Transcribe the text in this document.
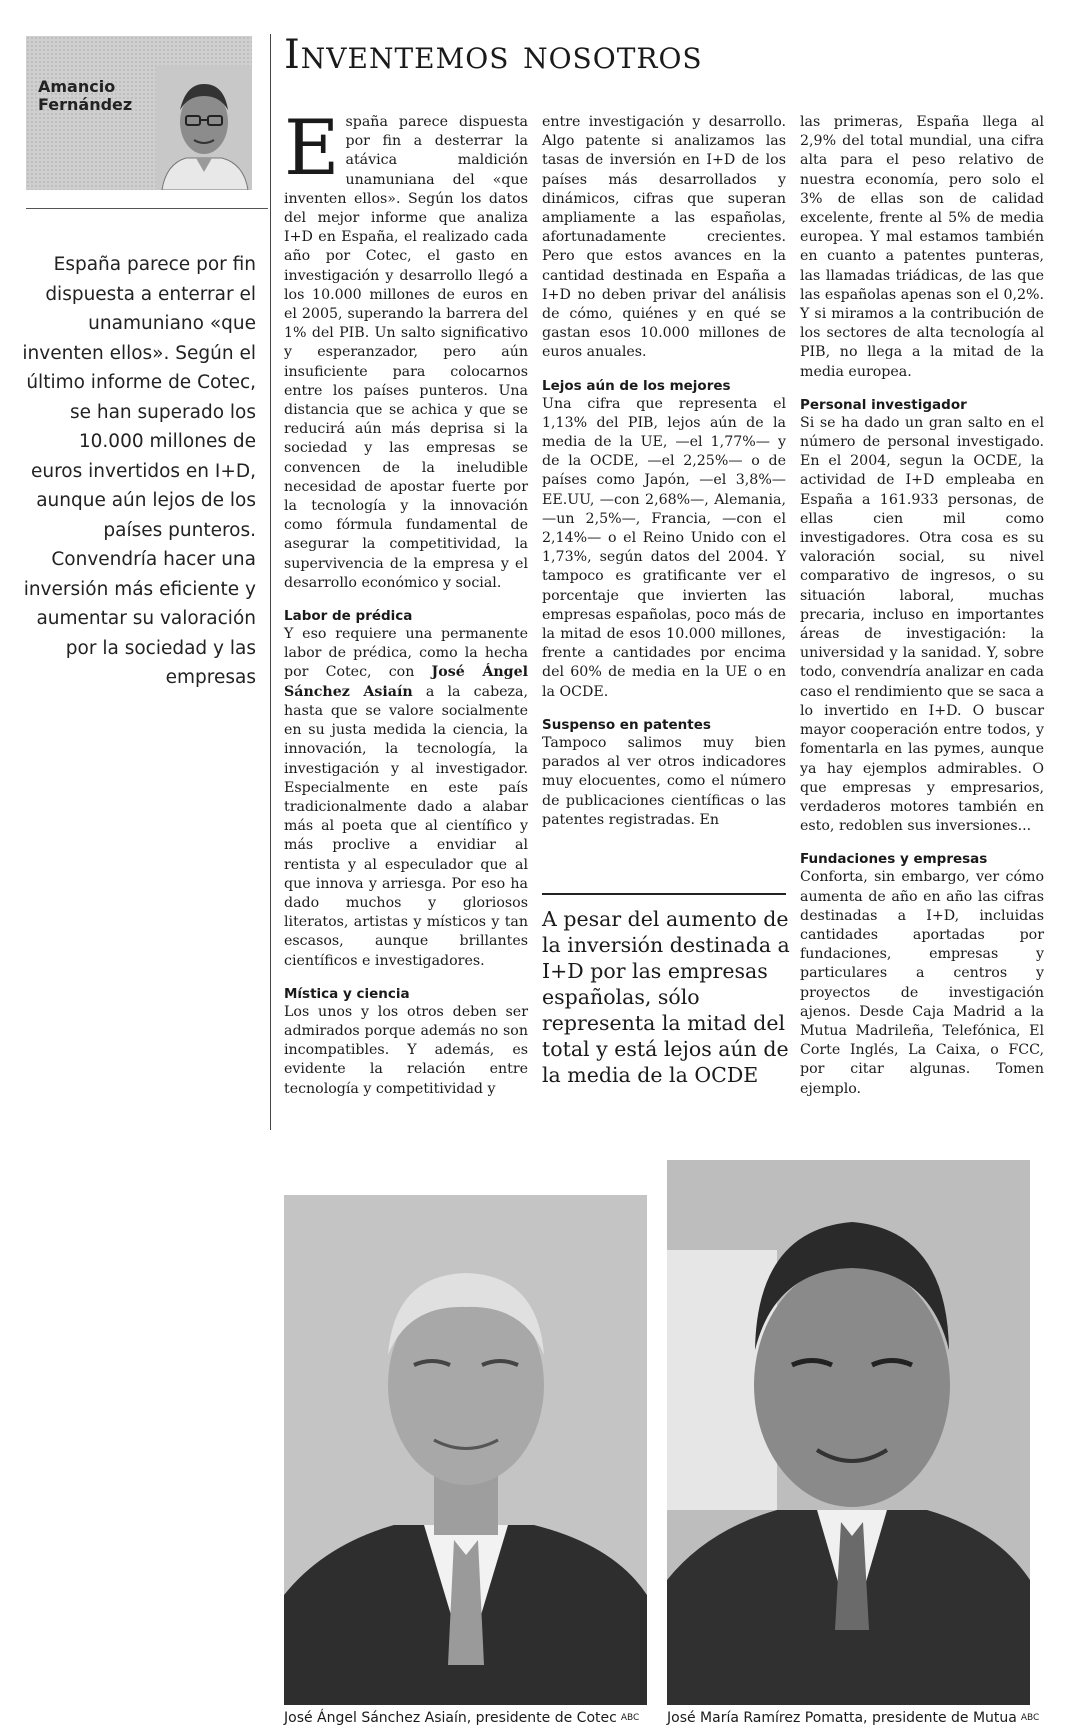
Amancio
Fernández
España parece por fin dispuesta a enterrar el unamuniano «que inventen ellos». Según el último informe de Cotec, se han superado los 10.000 millones de euros invertidos en I+D, aunque aún lejos de los países punteros. Convendría hacer una inversión más eficiente y aumentar su valoración por la sociedad y las empresas
Inventemos nosotros

España parece dispuesta por fin a desterrar la atávica maldición unamuniana del «que inventen ellos». Según los datos del mejor informe que analiza I+D en España, el realizado cada año por Cotec, el gasto en investigación y desarrollo llegó a los 10.000 millones de euros en el 2005, superando la barrera del 1% del PIB. Un salto significativo y esperanzador, pero aún insuficiente para colocarnos entre los países punteros. Una distancia que se achica y que se reducirá aún más deprisa si la sociedad y las empresas se convencen de la ineludible necesidad de apostar fuerte por la tecnología y la innovación como fórmula fundamental de asegurar la competitividad, la supervivencia de la empresa y el desarrollo económico y social.

Labor de prédica

Y eso requiere una permanente labor de prédica, como la hecha por Cotec, con José Ángel Sánchez Asiaín a la cabeza, hasta que se valore socialmente en su justa medida la ciencia, la innovación, la tecnología, la investigación y al investigador. Especialmente en este país tradicionalmente dado a alabar más al poeta que al científico y más proclive a envidiar al rentista y al especulador que al que innova y arriesga. Por eso ha dado muchos y gloriosos literatos, artistas y místicos y tan escasos, aunque brillantes científicos e investigadores.

Mística y ciencia

Los unos y los otros deben ser admirados porque además no son incompatibles. Y además, es evidente la relación entre tecnología y competitividad y

entre investigación y desarrollo. Algo patente si analizamos las tasas de inversión en I+D de los países más desarrollados y dinámicos, cifras que superan ampliamente a las españolas, afortunadamente crecientes. Pero que estos avances en la cantidad destinada en España a I+D no deben privar del análisis de cómo, quiénes y en qué se gastan esos 10.000 millones de euros anuales.

Lejos aún de los mejores

Una cifra que representa el 1,13% del PIB, lejos aún de la media de la UE, —el 1,77%— y de la OCDE, —el 2,25%— o de países como Japón, —el 3,8%— EE.UU, —con 2,68%—, Alemania, —un 2,5%—, Francia, —con el 2,14%— o el Reino Unido con el 1,73%, según datos del 2004. Y tampoco es gratificante ver el porcentaje que invierten las empresas españolas, poco más de la mitad de esos 10.000 millones, frente a cantidades por encima del 60% de media en la UE o en la OCDE.

Suspenso en patentes

Tampoco salimos muy bien parados al ver otros indicadores muy elocuentes, como el número de publicaciones científicas o las patentes registradas. En

A pesar del aumento de la inversión destinada a I+D por las empresas españolas, sólo representa la mitad del total y está lejos aún de la media de la OCDE

las primeras, España llega al 2,9% del total mundial, una cifra alta para el peso relativo de nuestra economía, pero solo el 3% de ellas son de calidad excelente, frente al 5% de media europea. Y mal estamos también en cuanto a patentes punteras, las llamadas triádicas, de las que las españolas apenas son el 0,2%. Y si miramos a la contribución de los sectores de alta tecnología al PIB, no llega a la mitad de la media europea.

Personal investigador

Si se ha dado un gran salto en el número de personal investigado. En el 2004, segun la OCDE, la actividad de I+D empleaba en España a 161.933 personas, de ellas cien mil como investigadores. Otra cosa es su valoración social, su nivel comparativo de ingresos, o su situación laboral, muchas precaria, incluso en importantes áreas de investigación: la universidad y la sanidad. Y, sobre todo, convendría analizar en cada caso el rendimiento que se saca a lo invertido en I+D. O buscar mayor cooperación entre todos, y fomentarla en las pymes, aunque ya hay ejemplos admirables. O que empresas y empresarios, verdaderos motores también en esto, redoblen sus inversiones...

Fundaciones y empresas

Conforta, sin embargo, ver cómo aumenta de año en año las cifras destinadas a I+D, incluidas cantidades aportadas por fundaciones, empresas y particulares a centros y proyectos de investigación ajenos. Desde Caja Madrid a la Mutua Madrileña, Telefónica, El Corte Inglés, La Caixa, o FCC, por citar algunas. Tomen ejemplo.

José Ángel Sánchez Asiaín, presidente de Cotec $^{ABC}$ José María Ramírez Pomatta, presidente de Mutua $^{ABC}$
